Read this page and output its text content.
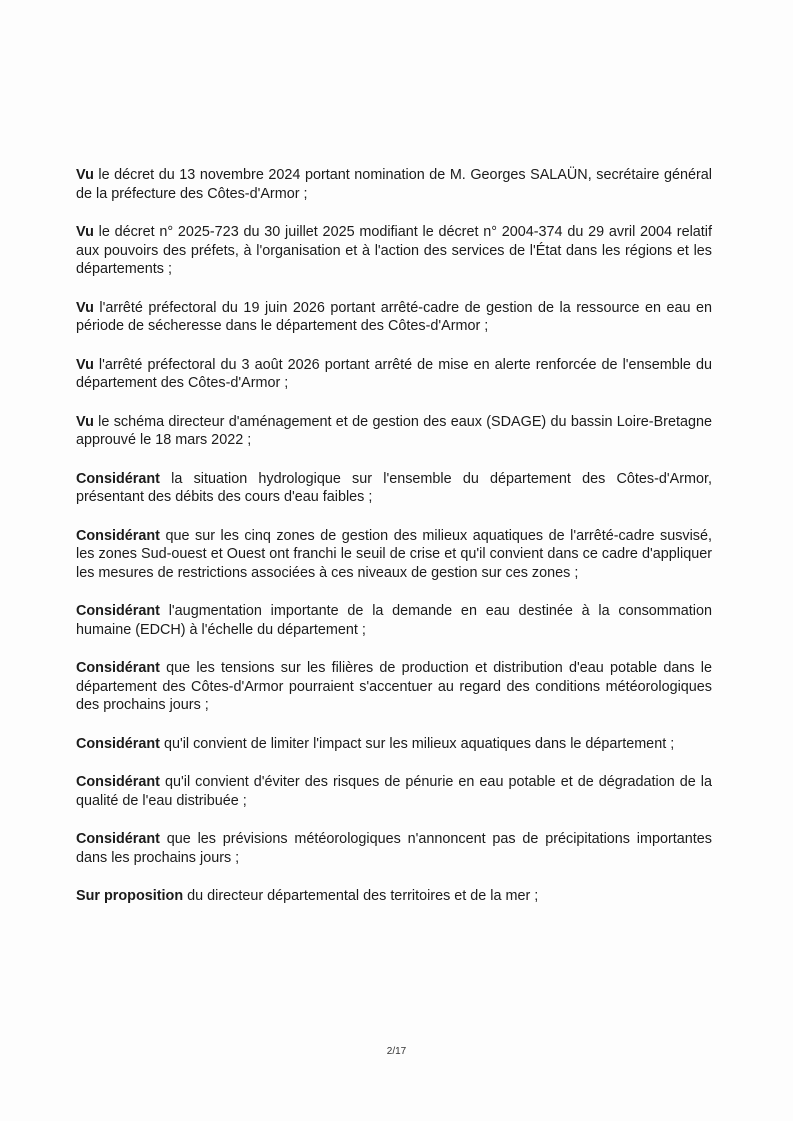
Vu le décret du 13 novembre 2024 portant nomination de M. Georges SALAÜN, secrétaire général de la préfecture des Côtes-d'Armor ;

Vu le décret n° 2025-723 du 30 juillet 2025 modifiant le décret n° 2004-374 du 29 avril 2004 relatif aux pouvoirs des préfets, à l'organisation et à l'action des services de l'État dans les régions et les départements ;

Vu l'arrêté préfectoral du 19 juin 2026 portant arrêté-cadre de gestion de la ressource en eau en période de sécheresse dans le département des Côtes-d'Armor ;

Vu l'arrêté préfectoral du 3 août 2026 portant arrêté de mise en alerte renforcée de l'ensemble du département des Côtes-d'Armor ;

Vu le schéma directeur d'aménagement et de gestion des eaux (SDAGE) du bassin Loire-Bretagne approuvé le 18 mars 2022 ;

Considérant la situation hydrologique sur l'ensemble du département des Côtes-d'Armor, présentant des débits des cours d'eau faibles ;

Considérant que sur les cinq zones de gestion des milieux aquatiques de l'arrêté-cadre susvisé, les zones Sud-ouest et Ouest ont franchi le seuil de crise et qu'il convient dans ce cadre d'appliquer les mesures de restrictions associées à ces niveaux de gestion sur ces zones ;

Considérant l'augmentation importante de la demande en eau destinée à la consommation humaine (EDCH) à l'échelle du département ;

Considérant que les tensions sur les filières de production et distribution d'eau potable dans le département des Côtes-d'Armor pourraient s'accentuer au regard des conditions météorologiques des prochains jours ;

Considérant qu'il convient de limiter l'impact sur les milieux aquatiques dans le département ;

Considérant qu'il convient d'éviter des risques de pénurie en eau potable et de dégradation de la qualité de l'eau distribuée ;

Considérant que les prévisions météorologiques n'annoncent pas de précipitations importantes dans les prochains jours ;

Sur proposition du directeur départemental des territoires et de la mer ;

2/17
